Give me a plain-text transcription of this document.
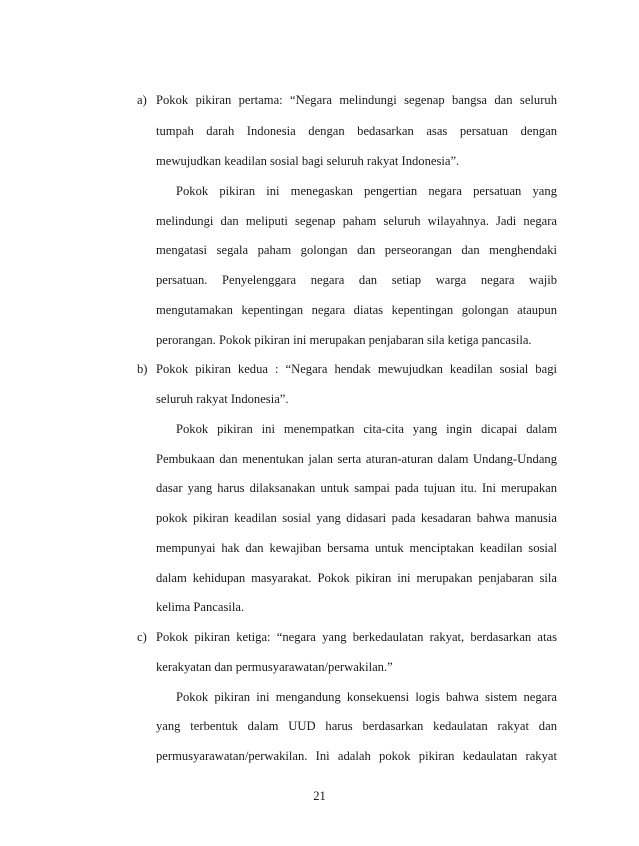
a) Pokok pikiran pertama: “Negara melindungi segenap bangsa dan seluruh
tumpah darah Indonesia dengan bedasarkan asas persatuan dengan
mewujudkan keadilan sosial bagi seluruh rakyat Indonesia”.
Pokok pikiran ini menegaskan pengertian negara persatuan yang
melindungi dan meliputi segenap paham seluruh wilayahnya. Jadi negara
mengatasi segala paham golongan dan perseorangan dan menghendaki
persatuan. Penyelenggara negara dan setiap warga negara wajib
mengutamakan kepentingan negara diatas kepentingan golongan ataupun
perorangan. Pokok pikiran ini merupakan penjabaran sila ketiga pancasila.
b) Pokok pikiran kedua : “Negara hendak mewujudkan keadilan sosial bagi
seluruh rakyat Indonesia”.
Pokok pikiran ini menempatkan cita-cita yang ingin dicapai dalam
Pembukaan dan menentukan jalan serta aturan-aturan dalam Undang-Undang
dasar yang harus dilaksanakan untuk sampai pada tujuan itu. Ini merupakan
pokok pikiran keadilan sosial yang didasari pada kesadaran bahwa manusia
mempunyai hak dan kewajiban bersama untuk menciptakan keadilan sosial
dalam kehidupan masyarakat. Pokok pikiran ini merupakan penjabaran sila
kelima Pancasila.
c) Pokok pikiran ketiga: “negara yang berkedaulatan rakyat, berdasarkan atas
kerakyatan dan permusyarawatan/perwakilan.”
Pokok pikiran ini mengandung konsekuensi logis bahwa sistem negara
yang terbentuk dalam UUD harus berdasarkan kedaulatan rakyat dan
permusyarawatan/perwakilan. Ini adalah pokok pikiran kedaulatan rakyat
21
